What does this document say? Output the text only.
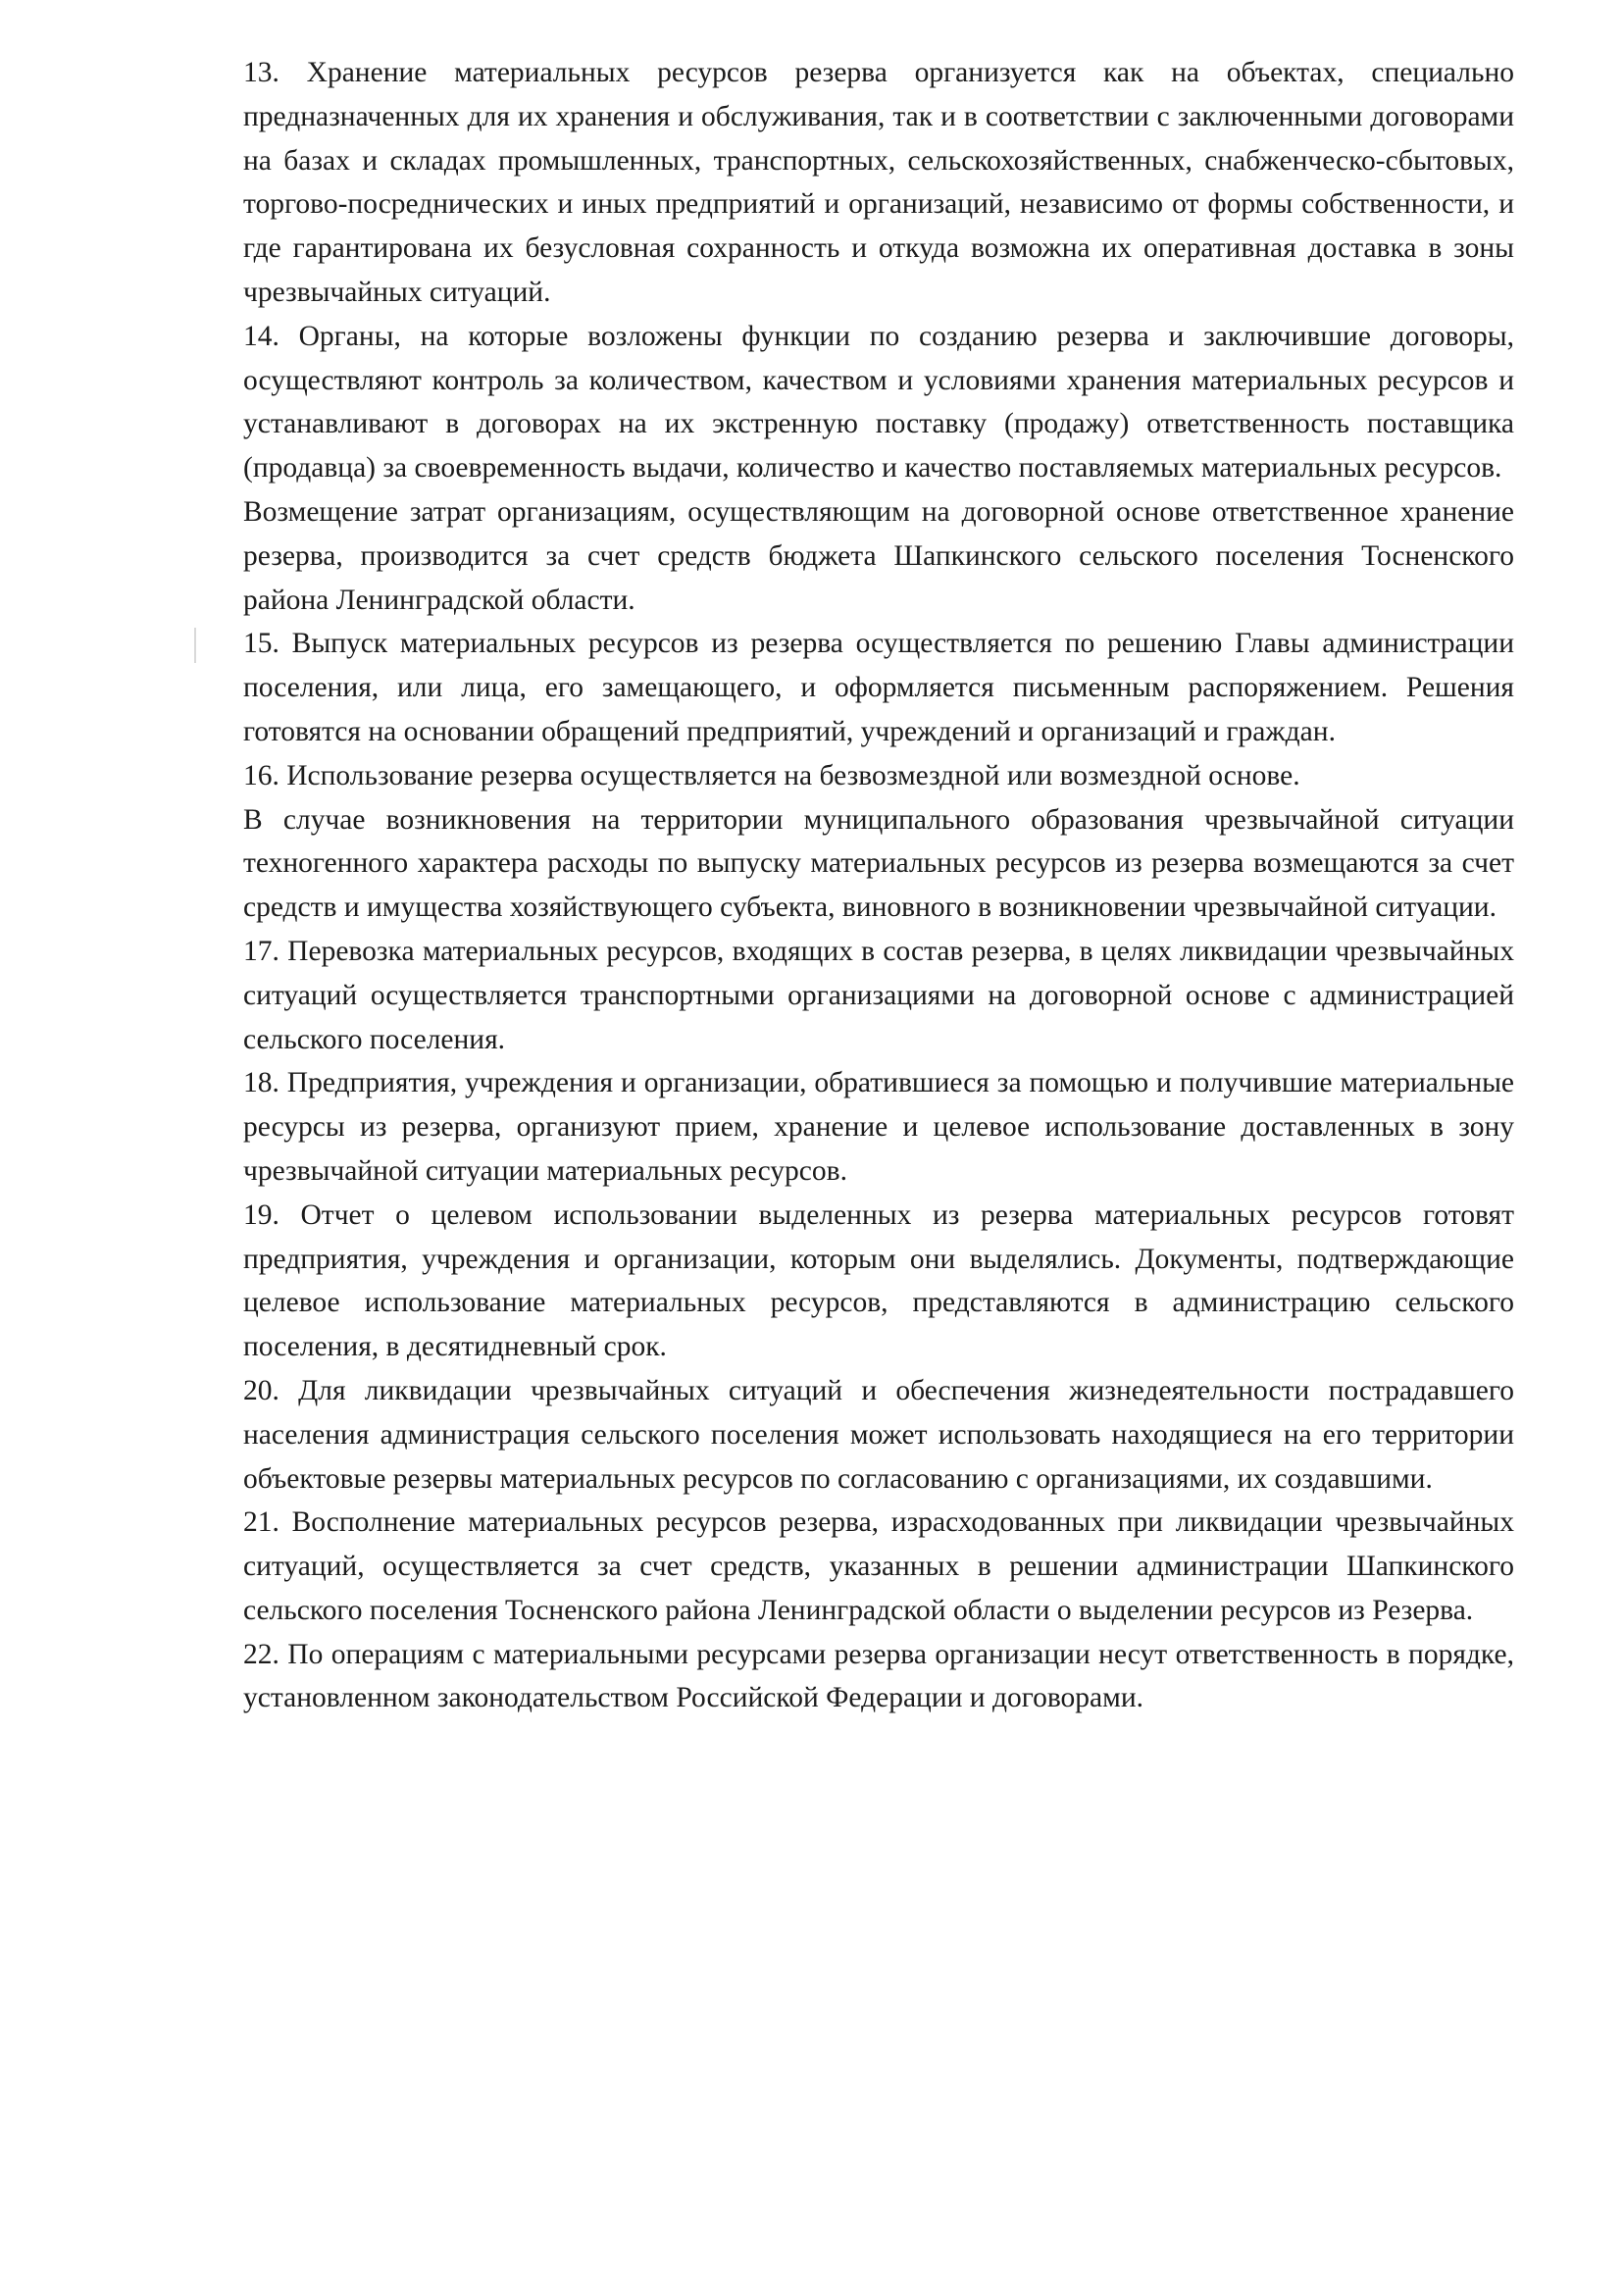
13. Хранение материальных ресурсов резерва организуется как на объектах, специально предназначенных для их хранения и обслуживания, так и в соответствии с заключенными договорами на базах и складах промышленных, транспортных, сельскохозяйственных, снабженческо-сбытовых, торгово-посреднических и иных предприятий и организаций, независимо от формы собственности, и где гарантирована их безусловная сохранность и откуда возможна их оперативная доставка в зоны чрезвычайных ситуаций.

14. Органы, на которые возложены функции по созданию резерва и заключившие договоры, осуществляют контроль за количеством, качеством и условиями хранения материальных ресурсов и устанавливают в договорах на их экстренную поставку (продажу) ответственность поставщика (продавца) за своевременность выдачи, количество и качество поставляемых материальных ресурсов.

Возмещение затрат организациям, осуществляющим на договорной основе ответственное хранение резерва, производится за счет средств бюджета Шапкинского сельского поселения Тосненского района Ленинградской области.

15. Выпуск материальных ресурсов из резерва осуществляется по решению Главы администрации поселения, или лица, его замещающего, и оформляется письменным распоряжением. Решения готовятся на основании обращений предприятий, учреждений и организаций и граждан.

16. Использование резерва осуществляется на безвозмездной или возмездной основе.

В случае возникновения на территории муниципального образования чрезвычайной ситуации техногенного характера расходы по выпуску материальных ресурсов из резерва возмещаются за счет средств и имущества хозяйствующего субъекта, виновного в возникновении чрезвычайной ситуации.

17. Перевозка материальных ресурсов, входящих в состав резерва, в целях ликвидации чрезвычайных ситуаций осуществляется транспортными организациями на договорной основе с администрацией сельского поселения.

18. Предприятия, учреждения и организации, обратившиеся за помощью и получившие материальные ресурсы из резерва, организуют прием, хранение и целевое использование доставленных в зону чрезвычайной ситуации материальных ресурсов.

19. Отчет о целевом использовании выделенных из резерва материальных ресурсов готовят предприятия, учреждения и организации, которым они выделялись. Документы, подтверждающие целевое использование материальных ресурсов, представляются в администрацию сельского поселения, в десятидневный срок.

20. Для ликвидации чрезвычайных ситуаций и обеспечения жизнедеятельности пострадавшего населения администрация сельского поселения может использовать находящиеся на его территории объектовые резервы материальных ресурсов по согласованию с организациями, их создавшими.

21. Восполнение материальных ресурсов резерва, израсходованных при ликвидации чрезвычайных ситуаций, осуществляется за счет средств, указанных в решении администрации Шапкинского сельского поселения Тосненского района Ленинградской области о выделении ресурсов из Резерва.

22. По операциям с материальными ресурсами резерва организации несут ответственность в порядке, установленном законодательством Российской Федерации и договорами.
